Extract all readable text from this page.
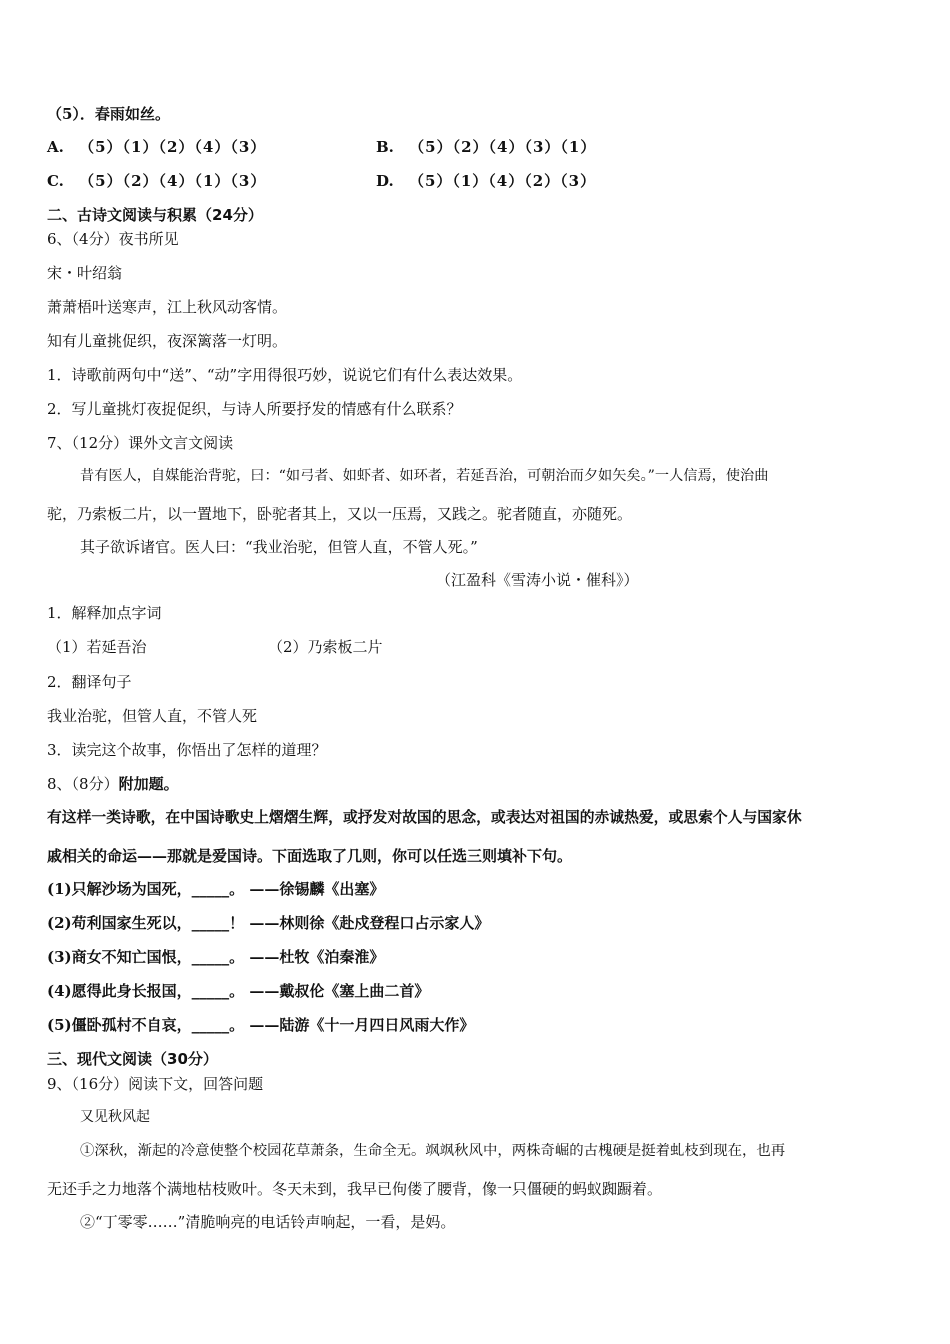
（5）．春雨如丝。
A. （5）（1）（2）（4）（3）	B. （5）（2）（4）（3）（1）
C. （5）（2）（4）（1）（3）	D. （5）（1）（4）（2）（3）
二、古诗文阅读与积累（24分）
6、（4分）夜书所见
宋・叶绍翁
萧萧梧叶送寒声，江上秋风动客情。
知有儿童挑促织，夜深篱落一灯明。
1．诗歌前两句中“送”、“动”字用得很巧妙，说说它们有什么表达效果。
2．写儿童挑灯夜捉促织，与诗人所要抒发的情感有什么联系？
7、（12分）课外文言文阅读
昔有医人，自媒能治背驼，曰：“如弓者、如虾者、如环者，若延吾治，可朝治而夕如矢矣。”一人信焉，使治曲
驼，乃索板二片，以一置地下，卧驼者其上，又以一压焉，又践之。驼者随直，亦随死。
其子欲诉诸官。医人曰：“我业治驼，但管人直，不管人死。”
（江盈科《雪涛小说・催科》）
1．解释加点字词
（1）若延吾治	（2）乃索板二片
2．翻译句子
我业治驼，但管人直，不管人死
3．读完这个故事，你悟出了怎样的道理？
8、（8分）附加题。
有这样一类诗歌，在中国诗歌史上熠熠生辉，或抒发对故国的思念，或表达对祖国的赤诚热爱，或思索个人与国家休
戚相关的命运——那就是爱国诗。下面选取了几则，你可以任选三则填补下句。
(1)只解沙场为国死，_____。 ——徐锡麟《出塞》
(2)苟利国家生死以，_____！ ——林则徐《赴戍登程口占示家人》
(3)商女不知亡国恨，_____。 ——杜牧《泊秦淮》
(4)愿得此身长报国，_____。 ——戴叔伦《塞上曲二首》
(5)僵卧孤村不自哀，_____。 ——陆游《十一月四日风雨大作》
三、现代文阅读（30分）
9、（16分）阅读下文，回答问题
又见秋风起
①深秋，渐起的冷意使整个校园花草萧条，生命全无。飒飒秋风中，两株奇崛的古槐硬是挺着虬枝到现在，也再
无还手之力地落个满地枯枝败叶。冬天未到，我早已佝偻了腰背，像一只僵硬的蚂蚁踟蹰着。
②“丁零零……”清脆响亮的电话铃声响起，一看，是妈。
